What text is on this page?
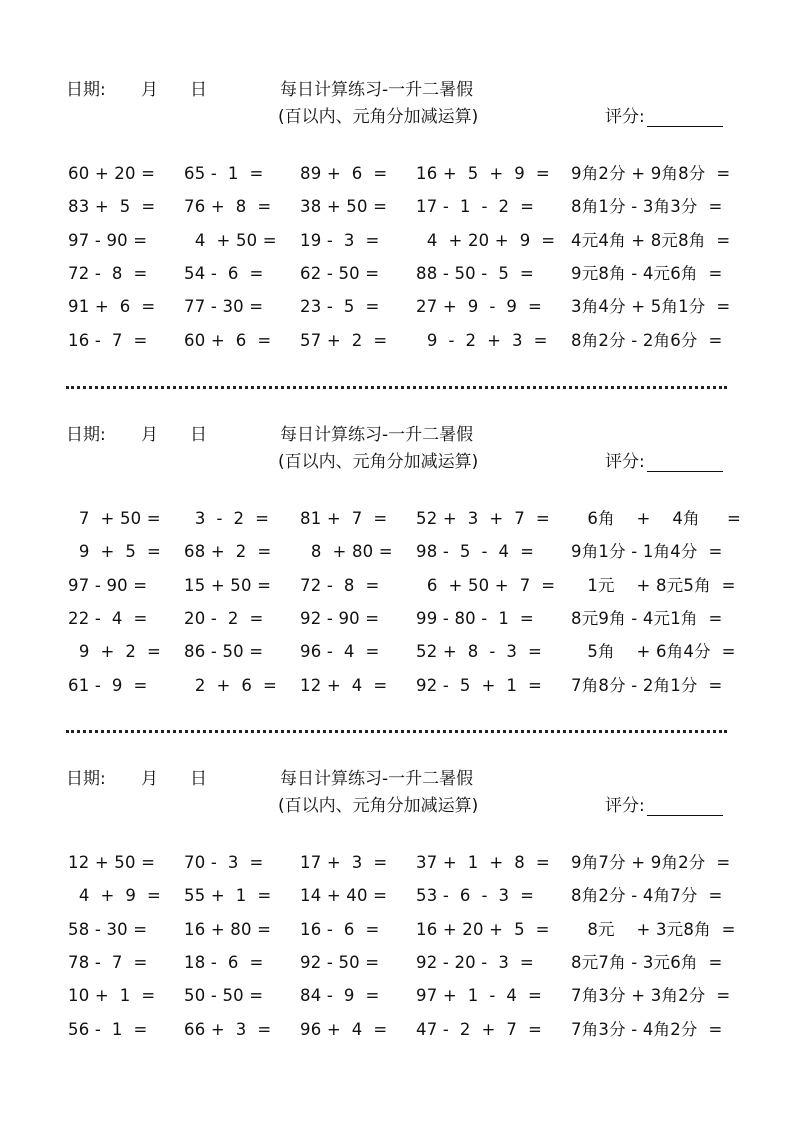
日期: 月 日	每日计算练习-一升二暑假
(百以内、元角分加减运算)	评分:
60 + 20 = 65 -  1  = 89 +  6  = 16 +  5  +  9  = 9角2分 + 9角8分  =
83 +  5  = 76 +  8  = 38 + 50 = 17 -  1  -  2  = 8角1分 - 3角3分  =
97 - 90 = 4  + 50 = 19 -  3  = 4  + 20 +  9  = 4元4角 + 8元8角  =
72 -  8  = 54 -  6  = 62 - 50 = 88 - 50 -  5  = 9元8角 - 4元6角  =
91 +  6  = 77 - 30 = 23 -  5  = 27 +  9  -  9  = 3角4分 + 5角1分  =
16 -  7  = 60 +  6  = 57 +  2  = 9  -  2  +  3  = 8角2分 - 2角6分  =
日期: 月 日	每日计算练习-一升二暑假
(百以内、元角分加减运算)	评分:
7  + 50 = 3  -  2  = 81 +  7  = 52 +  3  +  7  = 6角    +    4角     =
9  +  5  = 68 +  2  = 8  + 80 = 98 -  5  -  4  = 9角1分 - 1角4分  =
97 - 90 = 15 + 50 = 72 -  8  = 6  + 50 +  7  = 1元    + 8元5角  =
22 -  4  = 20 -  2  = 92 - 90 = 99 - 80 -  1  = 8元9角 - 4元1角  =
9  +  2  = 86 - 50 = 96 -  4  = 52 +  8  -  3  = 5角    + 6角4分  =
61 -  9  = 2  +  6  = 12 +  4  = 92 -  5  +  1  = 7角8分 - 2角1分  =
日期: 月 日	每日计算练习-一升二暑假
(百以内、元角分加减运算)	评分:
12 + 50 = 70 -  3  = 17 +  3  = 37 +  1  +  8  = 9角7分 + 9角2分  =
4  +  9  = 55 +  1  = 14 + 40 = 53 -  6  -  3  = 8角2分 - 4角7分  =
58 - 30 = 16 + 80 = 16 -  6  = 16 + 20 +  5  = 8元    + 3元8角  =
78 -  7  = 18 -  6  = 92 - 50 = 92 - 20 -  3  = 8元7角 - 3元6角  =
10 +  1  = 50 - 50 = 84 -  9  = 97 +  1  -  4  = 7角3分 + 3角2分  =
56 -  1  = 66 +  3  = 96 +  4  = 47 -  2  +  7  = 7角3分 - 4角2分  =
